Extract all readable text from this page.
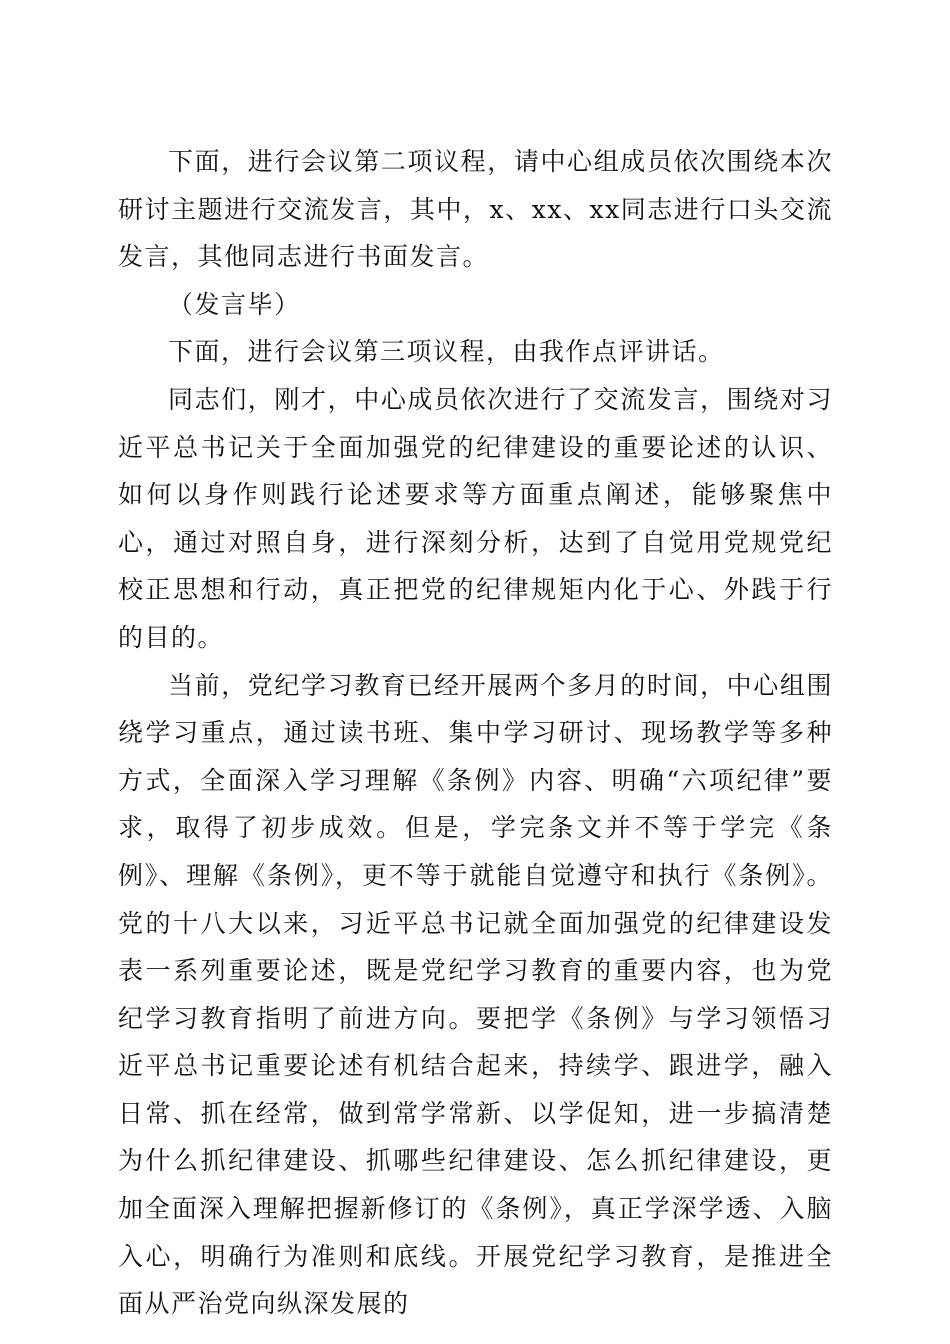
下面，进行会议第二项议程，请中心组成员依次围绕本次研讨主题进行交流发言，其中，x、xx、xx同志进行口头交流发言，其他同志进行书面发言。

（发言毕）

下面，进行会议第三项议程，由我作点评讲话。

同志们，刚才，中心成员依次进行了交流发言，围绕对习近平总书记关于全面加强党的纪律建设的重要论述的认识、如何以身作则践行论述要求等方面重点阐述，能够聚焦中心，通过对照自身，进行深刻分析，达到了自觉用党规党纪校正思想和行动，真正把党的纪律规矩内化于心、外践于行的目的。

当前，党纪学习教育已经开展两个多月的时间，中心组围绕学习重点，通过读书班、集中学习研讨、现场教学等多种方式，全面深入学习理解《条例》内容、明确“六项纪律”要求，取得了初步成效。但是，学完条文并不等于学完《条例》、理解《条例》，更不等于就能自觉遵守和执行《条例》。党的十八大以来，习近平总书记就全面加强党的纪律建设发表一系列重要论述，既是党纪学习教育的重要内容，也为党纪学习教育指明了前进方向。要把学《条例》与学习领悟习近平总书记重要论述有机结合起来，持续学、跟进学，融入日常、抓在经常，做到常学常新、以学促知，进一步搞清楚为什么抓纪律建设、抓哪些纪律建设、怎么抓纪律建设，更加全面深入理解把握新修订的《条例》，真正学深学透、入脑入心，明确行为准则和底线。开展党纪学习教育，是推进全面从严治党向纵深发展的
